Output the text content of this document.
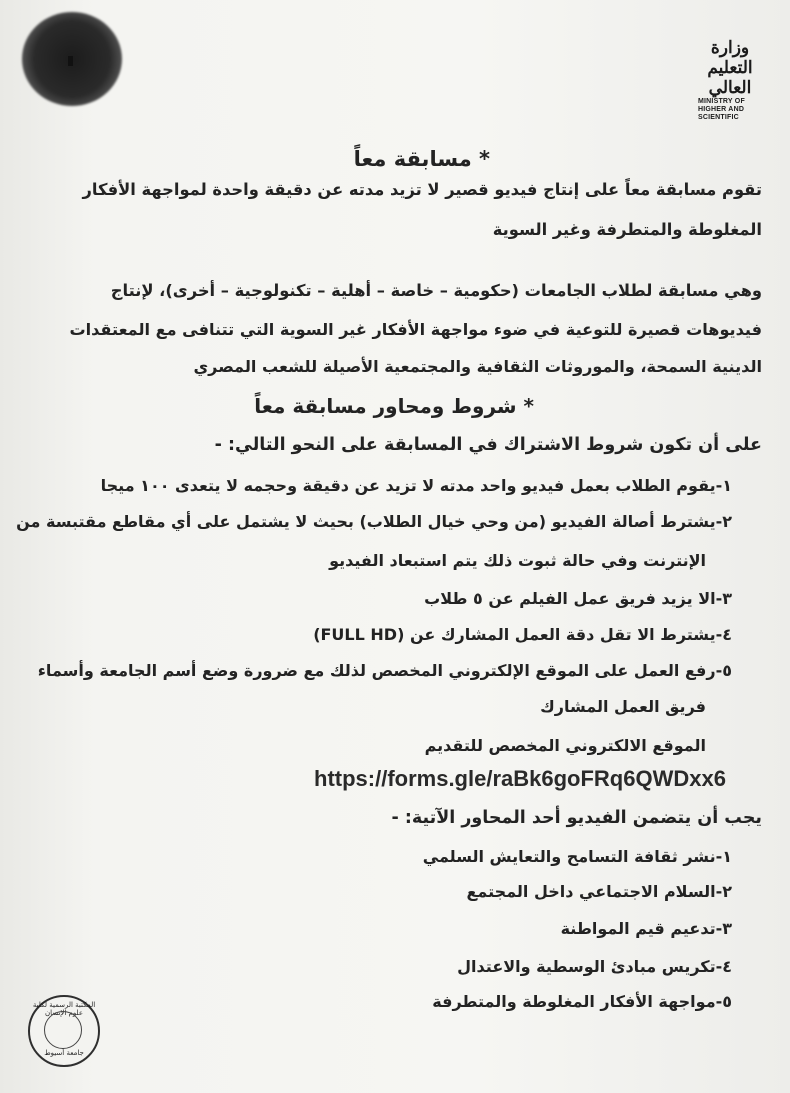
وزارة التعليم العالي
MINISTRY OF HIGHER AND SCIENTIFIC
* مسابقة معاً
تقوم مسابقة معاً على إنتاج فيديو قصير لا تزيد مدته عن دقيقة واحدة لمواجهة الأفكار
المغلوطة والمتطرفة وغير السوية
وهي مسابقة لطلاب الجامعات (حكومية – خاصة – أهلية – تكنولوجية – أخرى)، لإنتاج
فيديوهات قصيرة للتوعية في ضوء مواجهة الأفكار غير السوية التي تتنافى مع المعتقدات
الدينية السمحة، والموروثات الثقافية والمجتمعية الأصيلة للشعب المصري
* شروط ومحاور مسابقة معاً
على أن تكون شروط الاشتراك في المسابقة على النحو التالي: -
١-يقوم الطلاب بعمل فيديو واحد مدته لا تزيد عن دقيقة وحجمه لا يتعدى ١٠٠ ميجا
٢-يشترط أصالة الفيديو (من وحي خيال الطلاب) بحيث لا يشتمل على أي مقاطع مقتبسة من
الإنترنت وفي حالة ثبوت ذلك يتم استبعاد الفيديو
٣-الا يزيد فريق عمل الفيلم عن ٥ طلاب
٤-يشترط الا تقل دقة العمل المشارك عن (FULL HD)
٥-رفع العمل على الموقع الإلكتروني المخصص لذلك مع ضرورة وضع أسم الجامعة وأسماء
فريق العمل المشارك
الموقع الالكتروني المخصص للتقديم
https://forms.gle/raBk6goFRq6QWDxx6
يجب أن يتضمن الفيديو أحد المحاور الآتية: -
١-نشر ثقافة التسامح والتعايش السلمي
٢-السلام الاجتماعي داخل المجتمع
٣-تدعيم قيم المواطنة
٤-تكريس مبادئ الوسطية والاعتدال
٥-مواجهة الأفكار المغلوطة والمتطرفة
المكتبة الرسمية لكلية علوم الإنسان
جامعة أسيوط
